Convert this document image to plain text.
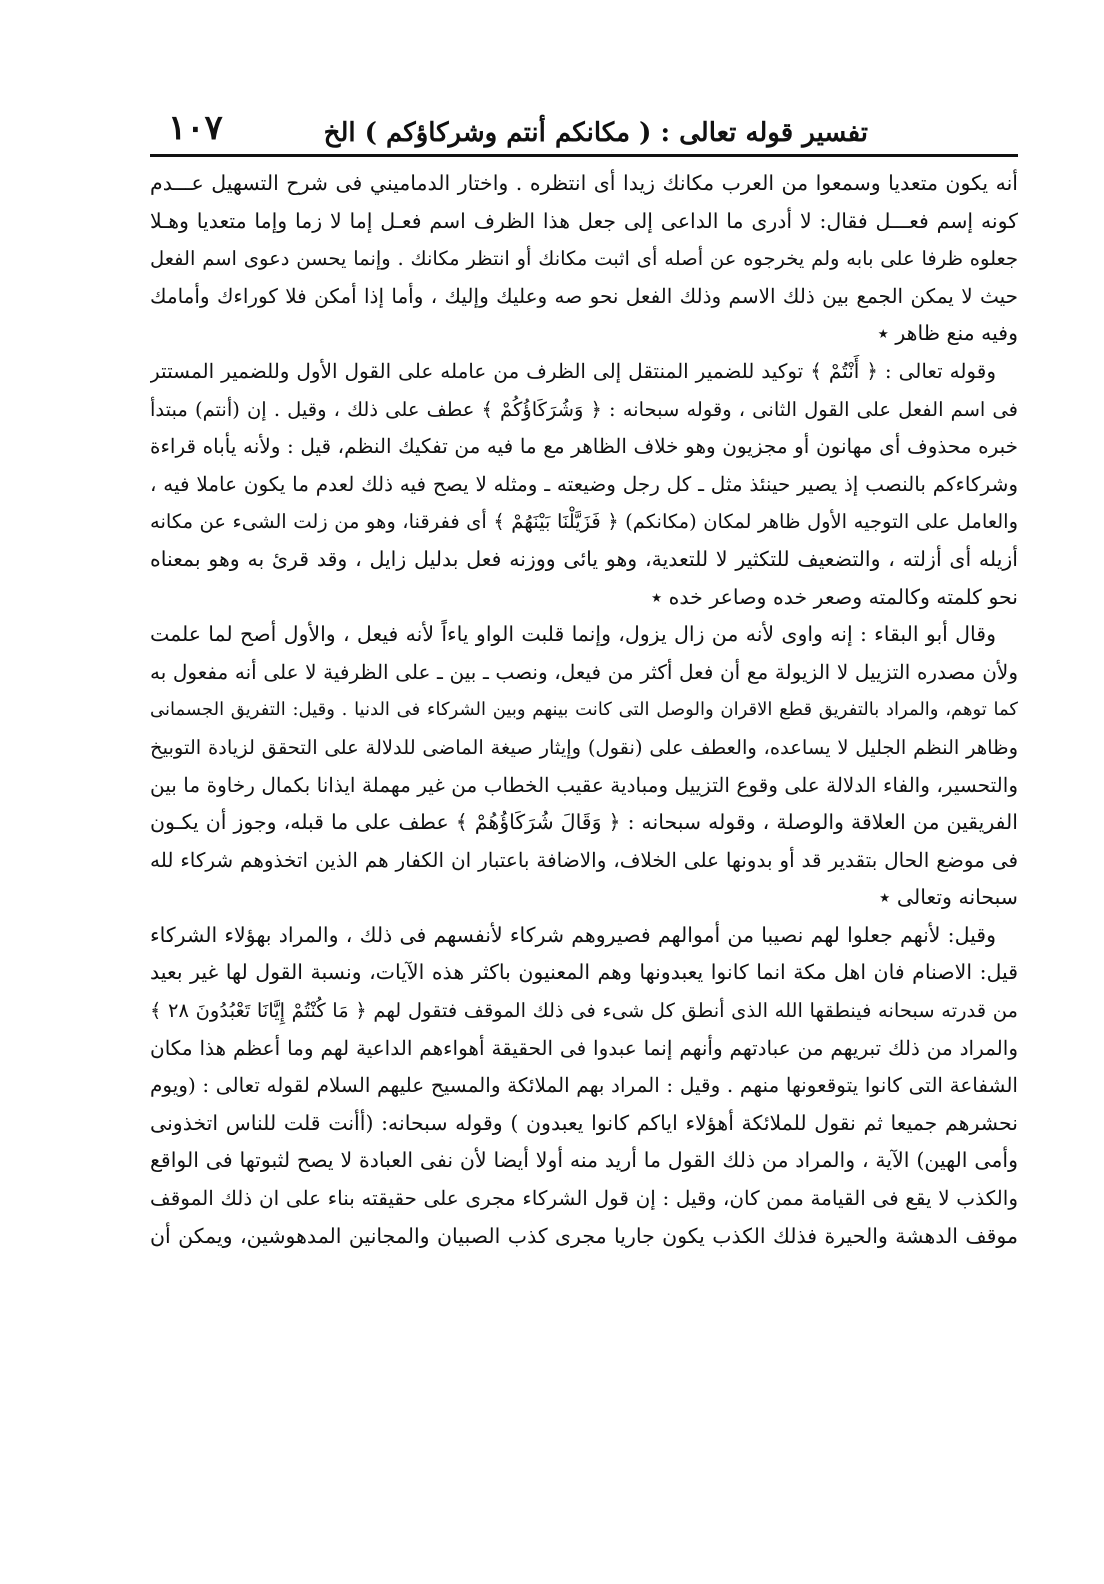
تفسير قوله تعالى : ( مكانكم أنتم وشركاؤكم ) الخ
١٠٧
أنه يكون متعديا وسمعوا من العرب مكانك زيدا أى انتظره . واختار الدماميني فى شرح التسهيل عـــدم
كونه إسم فعـــل فقال: لا أدرى ما الداعى إلى جعل هذا الظرف اسم فعـل إما لا زما وإما متعديا وهـلا
جعلوه ظرفا على بابه ولم يخرجوه عن أصله أى اثبت مكانك أو انتظر مكانك . وإنما يحسن دعوى اسم الفعل
حيث لا يمكن الجمع بين ذلك الاسم وذلك الفعل نحو صه وعليك وإليك ، وأما إذا أمكن فلا كوراءك وأمامك
وفيه منع ظاهر ٭
وقوله تعالى : ﴿ أَنْتُمْ ﴾ توكيد للضمير المنتقل إلى الظرف من عامله على القول الأول وللضمير المستتر
فى اسم الفعل على القول الثانى ، وقوله سبحانه : ﴿ وَشُرَكَاؤُكُمْ ﴾ عطف على ذلك ، وقيل . إن (أنتم) مبتدأ
خبره محذوف أى مهانون أو مجزيون وهو خلاف الظاهر مع ما فيه من تفكيك النظم، قيل : ولأنه يأباه قراءة
وشركاءكم بالنصب إذ يصير حينئذ مثل ـ كل رجل وضيعته ـ ومثله لا يصح فيه ذلك لعدم ما يكون عاملا فيه ،
والعامل على التوجيه الأول ظاهر لمكان (مكانكم) ﴿ فَزَيَّلْنَا بَيْنَهُمْ ﴾ أى ففرقنا، وهو من زلت الشىء عن مكانه
أزيله أى أزلته ، والتضعيف للتكثير لا للتعدية، وهو يائى ووزنه فعل بدليل زايل ، وقد قرئ به وهو بمعناه
نحو كلمته وكالمته وصعر خده وصاعر خده ٭
وقال أبو البقاء : إنه واوى لأنه من زال يزول، وإنما قلبت الواو ياءاً لأنه فيعل ، والأول أصح لما علمت
ولأن مصدره التزييل لا الزيولة مع أن فعل أكثر من فيعل، ونصب ـ بين ـ على الظرفية لا على أنه مفعول به
كما توهم، والمراد بالتفريق قطع الاقران والوصل التى كانت بينهم وبين الشركاء فى الدنيا . وقيل: التفريق الجسمانى
وظاهر النظم الجليل لا يساعده، والعطف على (نقول) وإيثار صيغة الماضى للدلالة على التحقق لزيادة التوبيخ
والتحسير، والفاء الدلالة على وقوع التزييل ومبادية عقيب الخطاب من غير مهملة ايذانا بكمال رخاوة ما بين
الفريقين من العلاقة والوصلة ، وقوله سبحانه : ﴿ وَقَالَ شُرَكَاؤُهُمْ ﴾ عطف على ما قبله، وجوز أن يكـون
فى موضع الحال بتقدير قد أو بدونها على الخلاف، والاضافة باعتبار ان الكفار هم الذين اتخذوهم شركاء لله
سبحانه وتعالى ٭
وقيل: لأنهم جعلوا لهم نصيبا من أموالهم فصيروهم شركاء لأنفسهم فى ذلك ، والمراد بهؤلاء الشركاء
قيل: الاصنام فان اهل مكة انما كانوا يعبدونها وهم المعنيون باكثر هذه الآيات، ونسبة القول لها غير بعيد
من قدرته سبحانه فينطقها الله الذى أنطق كل شىء فى ذلك الموقف فتقول لهم ﴿ مَا كُنْتُمْ إِيَّانَا تَعْبُدُونَ ٢٨ ﴾
والمراد من ذلك تبريهم من عبادتهم وأنهم إنما عبدوا فى الحقيقة أهواءهم الداعية لهم وما أعظم هذا مكان
الشفاعة التى كانوا يتوقعونها منهم . وقيل : المراد بهم الملائكة والمسيح عليهم السلام لقوله تعالى : (ويوم
نحشرهم جميعا ثم نقول للملائكة أهؤلاء اياكم كانوا يعبدون ) وقوله سبحانه: (أأنت قلت للناس اتخذونى
وأمى الهين) الآية ، والمراد من ذلك القول ما أريد منه أولا أيضا لأن نفى العبادة لا يصح لثبوتها فى الواقع
والكذب لا يقع فى القيامة ممن كان، وقيل : إن قول الشركاء مجرى على حقيقته بناء على ان ذلك الموقف
موقف الدهشة والحيرة فذلك الكذب يكون جاريا مجرى كذب الصبيان والمجانين المدهوشين، ويمكن أن
